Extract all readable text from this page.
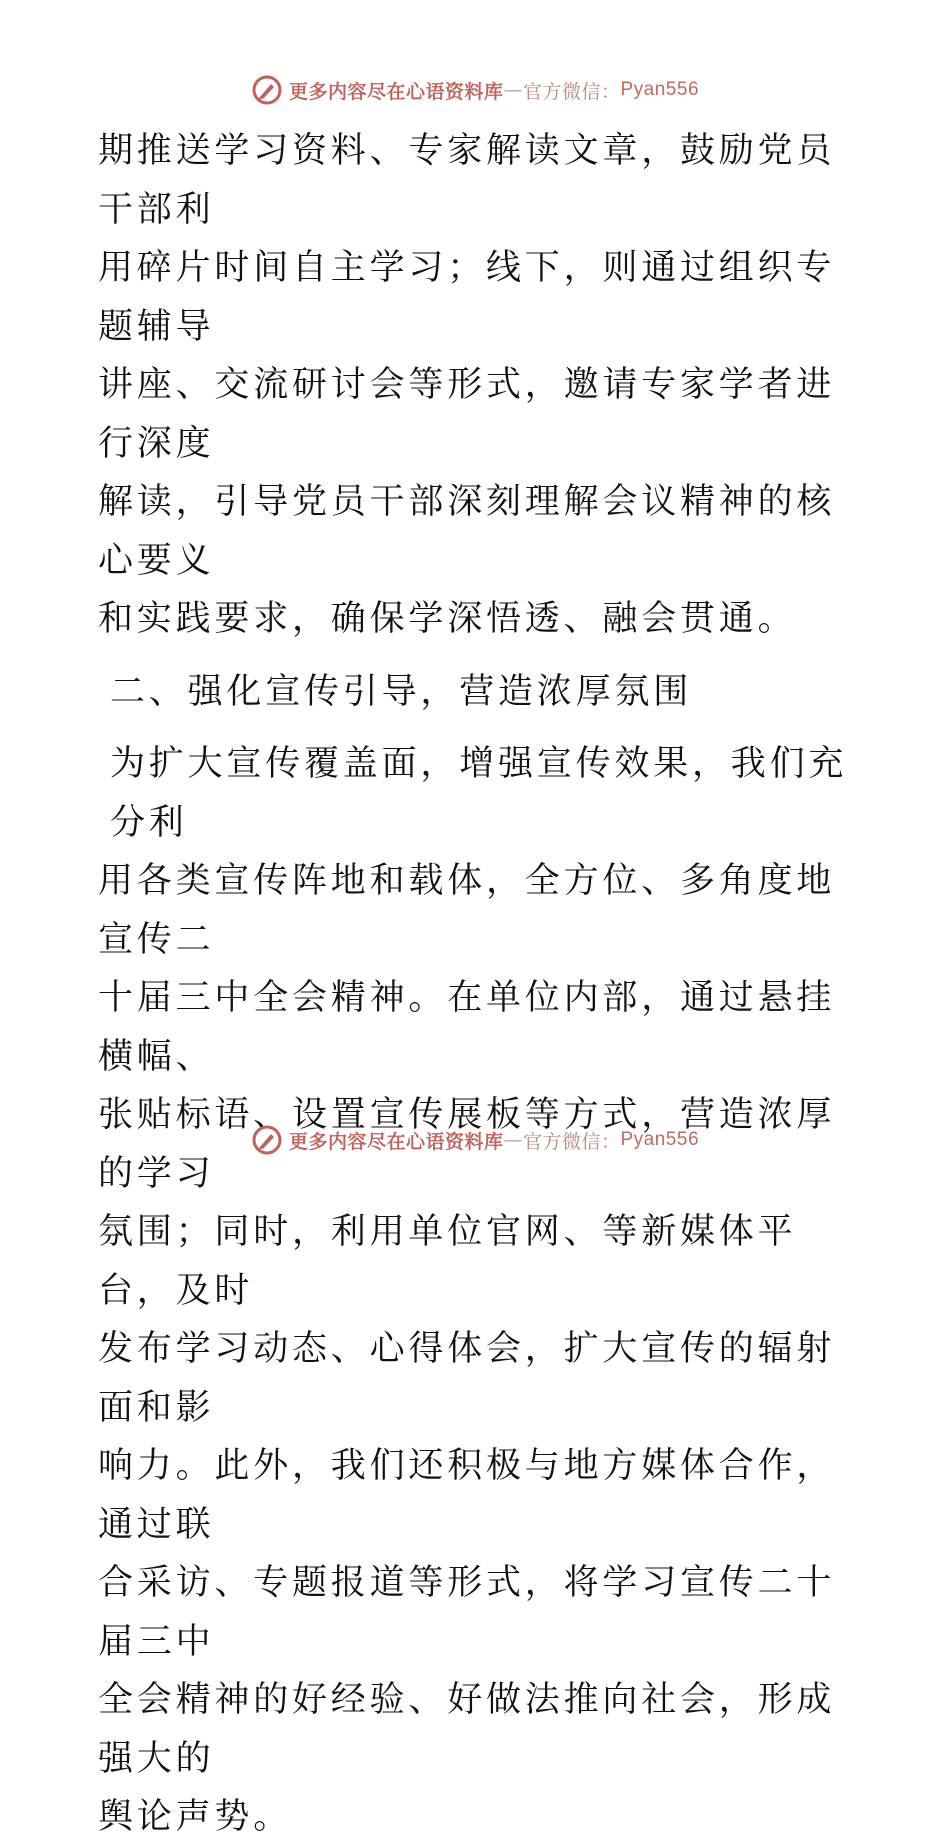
更多内容尽在心语资料库 — 官方微信： Pyan556

期推送学习资料、专家解读文章，鼓励党员干部利

用碎片时间自主学习；线下，则通过组织专题辅导

讲座、交流研讨会等形式，邀请专家学者进行深度

解读，引导党员干部深刻理解会议精神的核心要义

和实践要求，确保学深悟透、融会贯通。

二、强化宣传引导，营造浓厚氛围

为扩大宣传覆盖面，增强宣传效果，我们充分利

用各类宣传阵地和载体，全方位、多角度地宣传二

十届三中全会精神。在单位内部，通过悬挂横幅、

张贴标语、设置宣传展板等方式，营造浓厚的学习

氛围；同时，利用单位官网、等新媒体平台，及时

发布学习动态、心得体会，扩大宣传的辐射面和影

响力。此外，我们还积极与地方媒体合作，通过联

合采访、专题报道等形式，将学习宣传二十届三中

全会精神的好经验、好做法推向社会，形成强大的

舆论声势。

更多内容尽在心语资料库 — 官方微信： Pyan556
